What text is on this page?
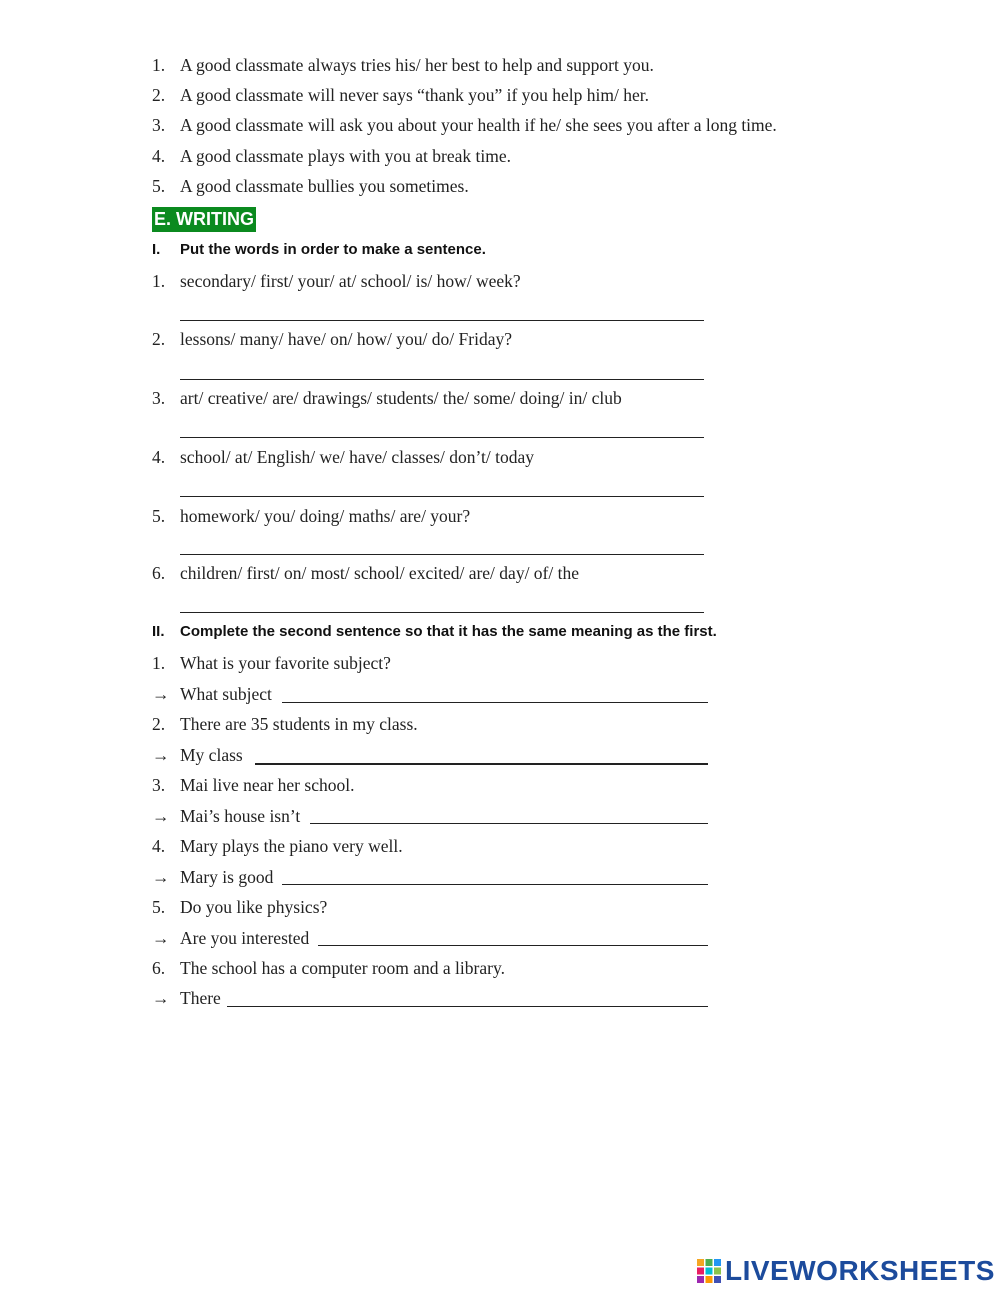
1. A good classmate always tries his/ her best to help and support you.
2. A good classmate will never says “thank you” if you help him/ her.
3. A good classmate will ask you about your health if he/ she sees you after a long time.
4. A good classmate plays with you at break time.
5. A good classmate bullies you sometimes.
E. WRITING
I. Put the words in order to make a sentence.
1. secondary/ first/ your/ at/ school/ is/ how/ week?
2. lessons/ many/ have/ on/ how/ you/ do/ Friday?
3. art/ creative/ are/ drawings/ students/ the/ some/ doing/ in/ club
4. school/ at/ English/ we/ have/ classes/ don’t/ today
5. homework/ you/ doing/ maths/ are/ your?
6. children/ first/ on/ most/ school/ excited/ are/ day/ of/ the
II. Complete the second sentence so that it has the same meaning as the first.
1. What is your favorite subject?
→ What subject
2. There are 35 students in my class.
→ My class
3. Mai live near her school.
→ Mai’s house isn’t
4. Mary plays the piano very well.
→ Mary is good
5. Do you like physics?
→ Are you interested
6. The school has a computer room and a library.
→ There
LIVEWORKSHEETS
